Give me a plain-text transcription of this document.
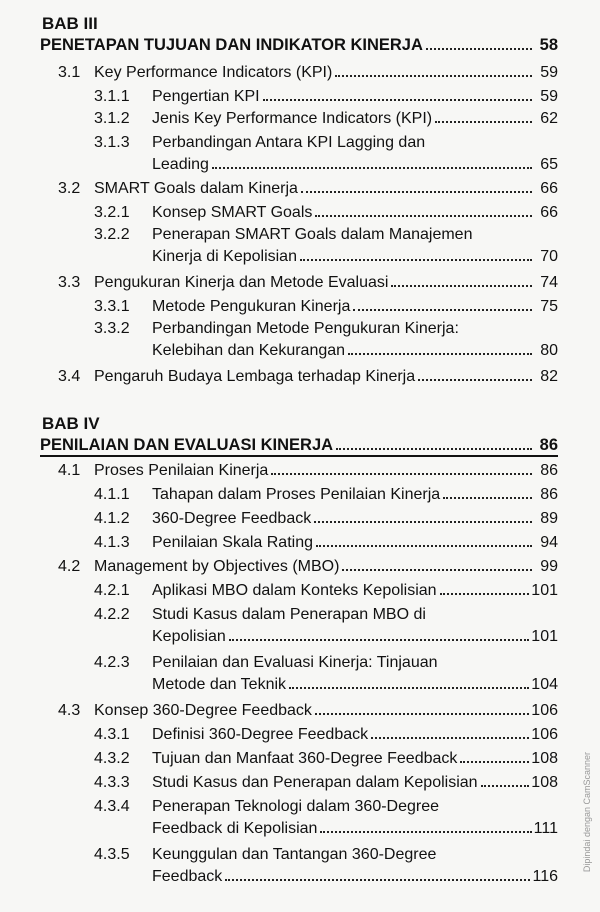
BAB III
PENETAPAN TUJUAN DAN INDIKATOR KINERJA	58
3.1 Key Performance Indicators (KPI)	59
3.1.1	Pengertian KPI	59
3.1.2	Jenis Key Performance Indicators (KPI)	62
3.1.3	Perbandingan Antara KPI Lagging dan
Leading	65
3.2 SMART Goals dalam Kinerja	66
3.2.1	Konsep SMART Goals	66
3.2.2	Penerapan SMART Goals dalam Manajemen
Kinerja di Kepolisian	70
3.3 Pengukuran Kinerja dan Metode Evaluasi	74
3.3.1	Metode Pengukuran Kinerja	75
3.3.2	Perbandingan Metode Pengukuran Kinerja:
Kelebihan dan Kekurangan	80
3.4 Pengaruh Budaya Lembaga terhadap Kinerja	82
BAB IV
PENILAIAN DAN EVALUASI KINERJA	86
4.1 Proses Penilaian Kinerja	86
4.1.1	Tahapan dalam Proses Penilaian Kinerja	86
4.1.2	360-Degree Feedback	89
4.1.3	Penilaian Skala Rating	94
4.2 Management by Objectives (MBO)	99
4.2.1	Aplikasi MBO dalam Konteks Kepolisian	101
4.2.2	Studi Kasus dalam Penerapan MBO di
Kepolisian	101
4.2.3	Penilaian dan Evaluasi Kinerja: Tinjauan
Metode dan Teknik	104
4.3 Konsep 360-Degree Feedback	106
4.3.1	Definisi 360-Degree Feedback	106
4.3.2	Tujuan dan Manfaat 360-Degree Feedback	108
4.3.3	Studi Kasus dan Penerapan dalam Kepolisian	108
4.3.4	Penerapan Teknologi dalam 360-Degree
Feedback di Kepolisian	111
4.3.5	Keunggulan dan Tantangan 360-Degree
Feedback	116
Dipindai dengan CamScanner
